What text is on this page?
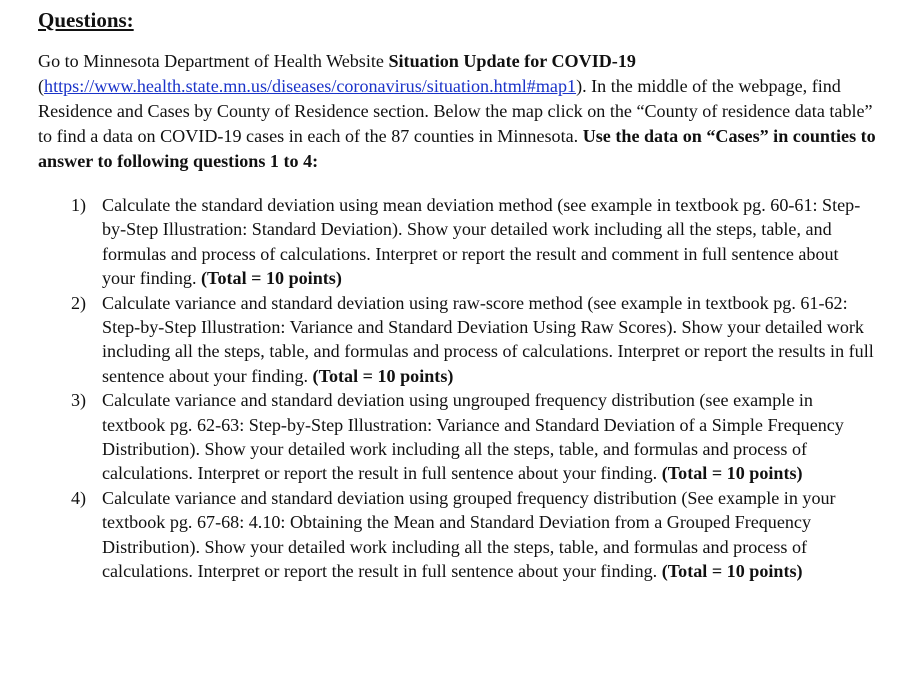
Questions:

Go to Minnesota Department of Health Website Situation Update for COVID-19 (https://www.health.state.mn.us/diseases/coronavirus/situation.html#map1). In the middle of the webpage, find Residence and Cases by County of Residence section. Below the map click on the “County of residence data table” to find a data on COVID-19 cases in each of the 87 counties in Minnesota. Use the data on “Cases” in counties to answer to following questions 1 to 4:

1) Calculate the standard deviation using mean deviation method (see example in textbook pg. 60-61: Step-by-Step Illustration: Standard Deviation). Show your detailed work including all the steps, table, and formulas and process of calculations. Interpret or report the result and comment in full sentence about your finding. (Total = 10 points)
2) Calculate variance and standard deviation using raw-score method (see example in textbook pg. 61-62: Step-by-Step Illustration: Variance and Standard Deviation Using Raw Scores). Show your detailed work including all the steps, table, and formulas and process of calculations. Interpret or report the results in full sentence about your finding. (Total = 10 points)
3) Calculate variance and standard deviation using ungrouped frequency distribution (see example in textbook pg. 62-63: Step-by-Step Illustration: Variance and Standard Deviation of a Simple Frequency Distribution). Show your detailed work including all the steps, table, and formulas and process of calculations. Interpret or report the result in full sentence about your finding. (Total = 10 points)
4) Calculate variance and standard deviation using grouped frequency distribution (See example in your textbook pg. 67-68: 4.10: Obtaining the Mean and Standard Deviation from a Grouped Frequency Distribution). Show your detailed work including all the steps, table, and formulas and process of calculations. Interpret or report the result in full sentence about your finding. (Total = 10 points)
